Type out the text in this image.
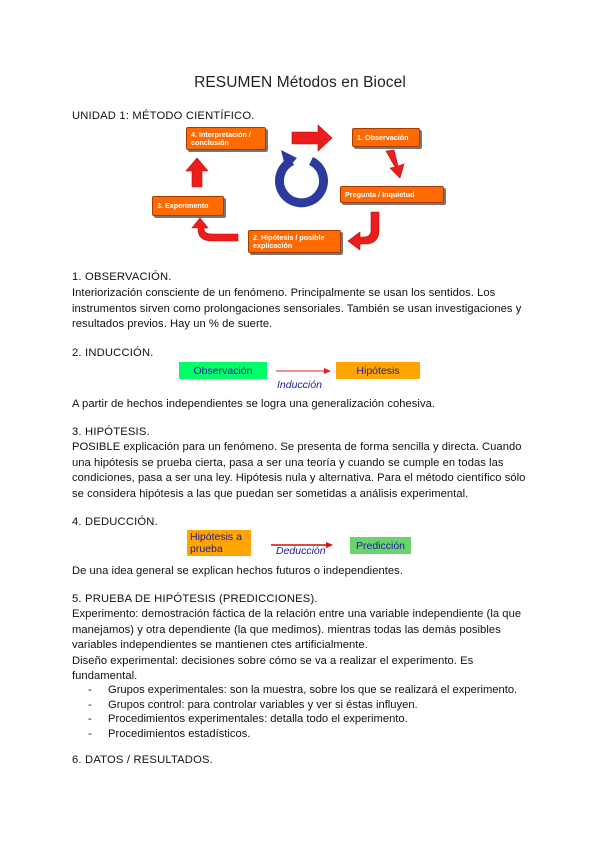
RESUMEN Métodos en Biocel
UNIDAD 1: MÉTODO CIENTÍFICO.
4. Interpretación / conclusión
1. Observación
Pregunta / Inquietud
3. Experimento
2. Hipótesis / posible explicación
1. OBSERVACIÓN.
Interiorización consciente de un fenómeno. Principalmente se usan los sentidos. Los
instrumentos sirven como prolongaciones sensoriales. También se usan investigaciones y
resultados previos. Hay un % de suerte.
2. INDUCCIÓN.
Observación	Hipótesis
Inducción
A partir de hechos independientes se logra una generalización cohesiva.
3. HIPÓTESIS.
POSIBLE explicación para un fenómeno. Se presenta de forma sencilla y directa. Cuando
una hipótesis se prueba cierta, pasa a ser una teoría y cuando se cumple en todas las
condiciones, pasa a ser una ley. Hipótesis nula y alternativa. Para el método científico sólo
se considera hipótesis a las que puedan ser sometidas a análisis experimental.
4. DEDUCCIÓN.
Hipótesis a
prueba	Deducción	Predicción
De una idea general se explican hechos futuros o independientes.
5. PRUEBA DE HIPÓTESIS (PREDICCIONES).
Experimento: demostración fáctica de la relación entre una variable independiente (la que
manejamos) y otra dependiente (la que medimos). mientras todas las demás posibles
variables independientes se mantienen ctes artificialmente.
Diseño experimental: decisiones sobre cómo se va a realizar el experimento. Es
fundamental.
- Grupos experimentales: son la muestra, sobre los que se realizará el experimento.
- Grupos control: para controlar variables y ver si éstas influyen.
- Procedimientos experimentales: detalla todo el experimento.
- Procedimientos estadísticos.
6. DATOS / RESULTADOS.
